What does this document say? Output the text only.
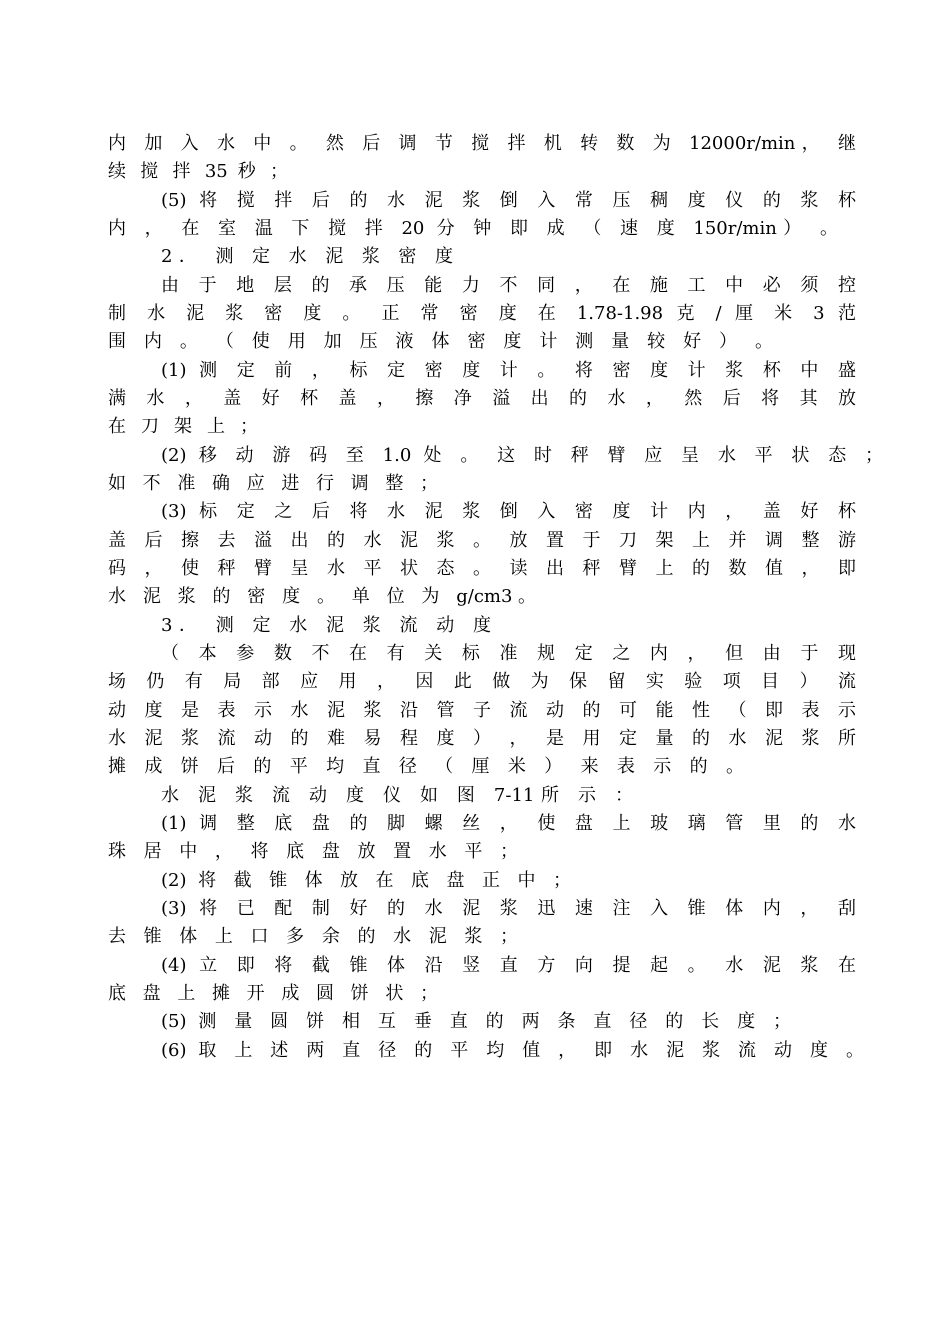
内 加 入 水 中 。 然 后 调 节 搅 拌 机 转 数 为 12000r/min， 继
续 搅 拌 35 秒 ；
(5) 将 搅 拌 后 的 水 泥 浆 倒 入 常 压 稠 度 仪 的 浆 杯
内 ， 在 室 温 下 搅 拌 20 分 钟 即 成 （ 速 度 150r/min） 。
2． 测 定 水 泥 浆 密 度
由 于 地 层 的 承 压 能 力 不 同 ， 在 施 工 中 必 须 控
制 水 泥 浆 密 度 。 正 常 密 度 在 1.78-1.98 克 / 厘 米 3 范
围 内 。 （ 使 用 加 压 液 体 密 度 计 测 量 较 好 ） 。
(1) 测 定 前 ， 标 定 密 度 计 。 将 密 度 计 浆 杯 中 盛
满 水 ， 盖 好 杯 盖 ， 擦 净 溢 出 的 水 ， 然 后 将 其 放
在 刀 架 上 ；
(2) 移 动 游 码 至 1.0 处 。 这 时 秤 臂 应 呈 水 平 状 态 ；
如 不 准 确 应 进 行 调 整 ；
(3) 标 定 之 后 将 水 泥 浆 倒 入 密 度 计 内 ， 盖 好 杯
盖 后 擦 去 溢 出 的 水 泥 浆 。 放 置 于 刀 架 上 并 调 整 游
码 ， 使 秤 臂 呈 水 平 状 态 。 读 出 秤 臂 上 的 数 值 ， 即
水 泥 浆 的 密 度 。 单 位 为 g/cm3。
3． 测 定 水 泥 浆 流 动 度
（ 本 参 数 不 在 有 关 标 准 规 定 之 内 ， 但 由 于 现
场 仍 有 局 部 应 用 ， 因 此 做 为 保 留 实 验 项 目 ） 流
动 度 是 表 示 水 泥 浆 沿 管 子 流 动 的 可 能 性 （ 即 表 示
水 泥 浆 流 动 的 难 易 程 度 ） ， 是 用 定 量 的 水 泥 浆 所
摊 成 饼 后 的 平 均 直 径 （ 厘 米 ） 来 表 示 的 。
水 泥 浆 流 动 度 仪 如 图 7-11所 示 ：
(1) 调 整 底 盘 的 脚 螺 丝 ， 使 盘 上 玻 璃 管 里 的 水
珠 居 中 ， 将 底 盘 放 置 水 平 ；
(2) 将 截 锥 体 放 在 底 盘 正 中 ；
(3) 将 已 配 制 好 的 水 泥 浆 迅 速 注 入 锥 体 内 ， 刮
去 锥 体 上 口 多 余 的 水 泥 浆 ；
(4) 立 即 将 截 锥 体 沿 竖 直 方 向 提 起 。 水 泥 浆 在
底 盘 上 摊 开 成 圆 饼 状 ；
(5) 测 量 圆 饼 相 互 垂 直 的 两 条 直 径 的 长 度 ；
(6) 取 上 述 两 直 径 的 平 均 值 ， 即 水 泥 浆 流 动 度 。
